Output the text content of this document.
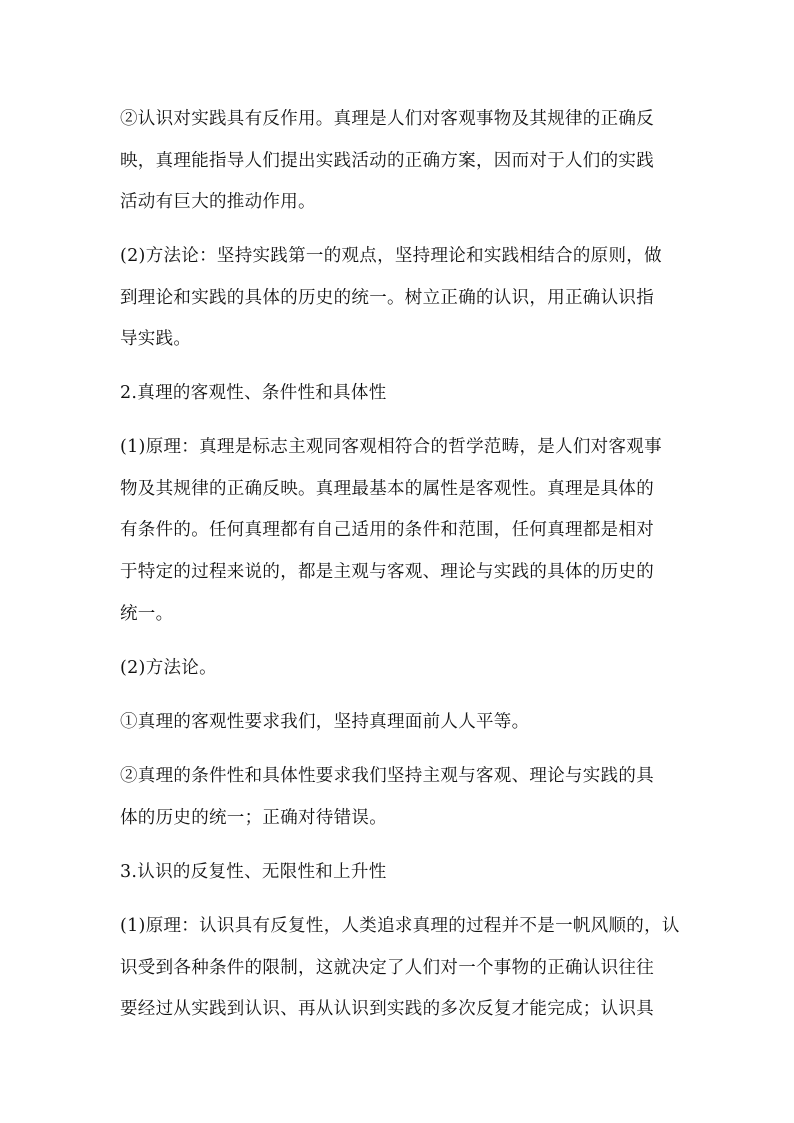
②认识对实践具有反作用。真理是人们对客观事物及其规律的正确反

映，真理能指导人们提出实践活动的正确方案，因而对于人们的实践

活动有巨大的推动作用。

(2)方法论：坚持实践第一的观点，坚持理论和实践相结合的原则，做

到理论和实践的具体的历史的统一。树立正确的认识，用正确认识指

导实践。

2.真理的客观性、条件性和具体性

(1)原理：真理是标志主观同客观相符合的哲学范畴，是人们对客观事

物及其规律的正确反映。真理最基本的属性是客观性。真理是具体的

有条件的。任何真理都有自己适用的条件和范围，任何真理都是相对

于特定的过程来说的，都是主观与客观、理论与实践的具体的历史的

统一。

(2)方法论。

①真理的客观性要求我们，坚持真理面前人人平等。

②真理的条件性和具体性要求我们坚持主观与客观、理论与实践的具

体的历史的统一；正确对待错误。

3.认识的反复性、无限性和上升性

(1)原理：认识具有反复性，人类追求真理的过程并不是一帆风顺的，认

识受到各种条件的限制，这就决定了人们对一个事物的正确认识往往

要经过从实践到认识、再从认识到实践的多次反复才能完成；认识具
